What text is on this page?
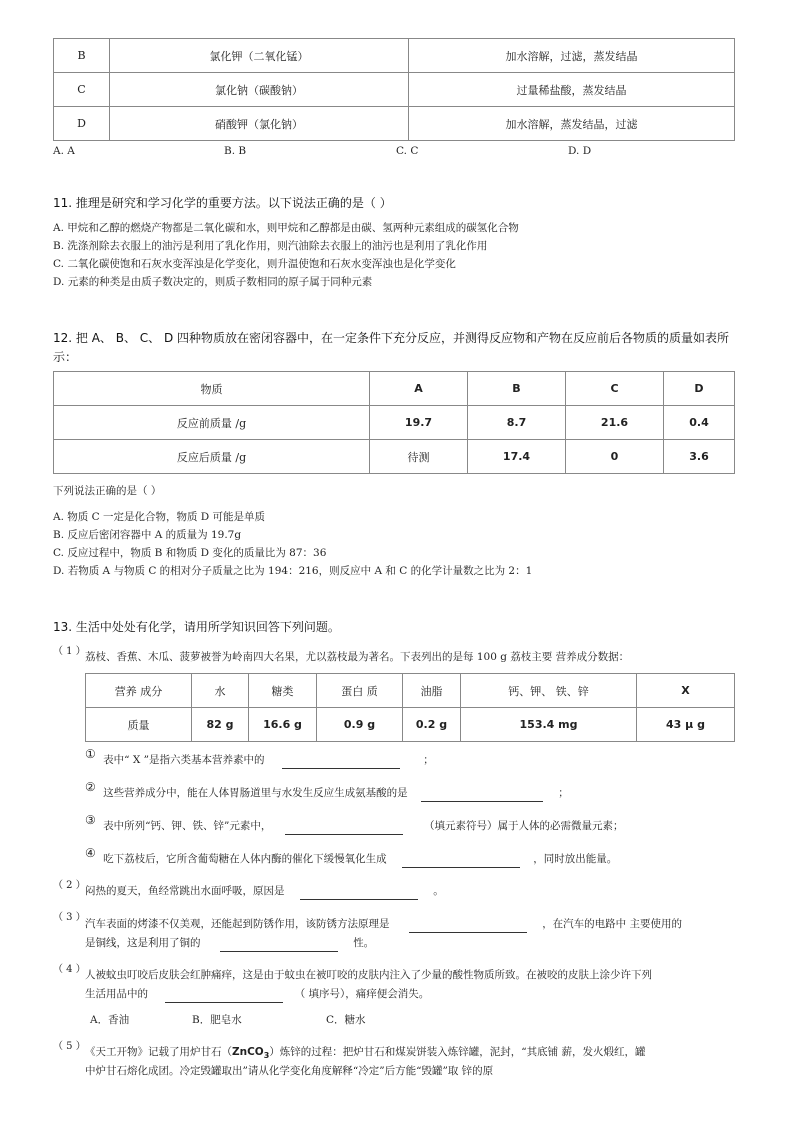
B	氯化钾（二氧化锰）	加水溶解，过滤，蒸发结晶
C	氯化钠（碳酸钠）	过量稀盐酸，蒸发结晶
D	硝酸钾（氯化钠）	加水溶解，蒸发结晶，过滤
A. A	B. B	C. C	D. D
11. 推理是研究和学习化学的重要方法。以下说法正确的是（ ）
A. 甲烷和乙醇的燃烧产物都是二氧化碳和水，则甲烷和乙醇都是由碳、氢两种元素组成的碳氢化合物
B. 洗涤剂除去衣服上的油污是利用了乳化作用，则汽油除去衣服上的油污也是利用了乳化作用
C. 二氧化碳使饱和石灰水变浑浊是化学变化，则升温使饱和石灰水变浑浊也是化学变化
D. 元素的种类是由质子数决定的，则质子数相同的原子属于同种元素
12. 把 A、 B、 C、 D 四种物质放在密闭容器中，在一定条件下充分反应，并测得反应物和产物在反应前后各物质的质量如表所
示：
物质	A	B	C	D
反应前质量 /g	19.7	8.7	21.6	0.4
反应后质量 /g	待测	17.4	0	3.6
下列说法正确的是（ ）
A. 物质 C 一定是化合物，物质 D 可能是单质
B. 反应后密闭容器中 A 的质量为 19.7g
C. 反应过程中，物质 B 和物质 D 变化的质量比为 87：36
D. 若物质 A 与物质 C 的相对分子质量之比为 194：216，则反应中 A 和 C 的化学计量数之比为 2：1
13. 生活中处处有化学，请用所学知识回答下列问题。
（ 1 ） 荔枝、香蕉、木瓜、菠萝被誉为岭南四大名果，尤以荔枝最为著名。下表列出的是每 100 g 荔枝主要 营养成分数据：
营养 成分	水	糖类	蛋白 质	油脂	钙、钾、 铁、锌	X
质量	82 g	16.6 g	0.9 g	0.2 g	153.4 mg	43 μ g
① 表中“ X ”是指六类基本营养素中的	；
② 这些营养成分中，能在人体胃肠道里与水发生反应生成氨基酸的是	；
③ 表中所列“钙、钾、铁、锌”元素中，	（填元素符号）属于人体的必需微量元素；
④ 吃下荔枝后，它所含葡萄糖在人体内酶的催化下缓慢氧化生成	，同时放出能量。
（ 2 ） 闷热的夏天，鱼经常跳出水面呼吸，原因是	。
（ 3 ）
汽车表面的烤漆不仅美观，还能起到防锈作用，该防锈方法原理是	，在汽车的电路中 主要使用的
是铜线，这是利用了铜的	性。
（ 4 ） 人被蚊虫叮咬后皮肤会红肿痛痒，这是由于蚊虫在被叮咬的皮肤内注入了少量的酸性物质所致。在被咬的皮肤上涂少许下列
生活用品中的	（ 填序号），痛痒便会消失。
A．香油	B．肥皂水	C．糖水
（ 5 ） 《天工开物》记载了用炉甘石（ZnCO$_3$）炼锌的过程：把炉甘石和煤炭饼装入炼锌罐，泥封，“其底铺 薪，发火煅红，罐
中炉甘石熔化成团。冷定毁罐取出”请从化学变化角度解释“冷定”后方能“毁罐”取 锌的原
